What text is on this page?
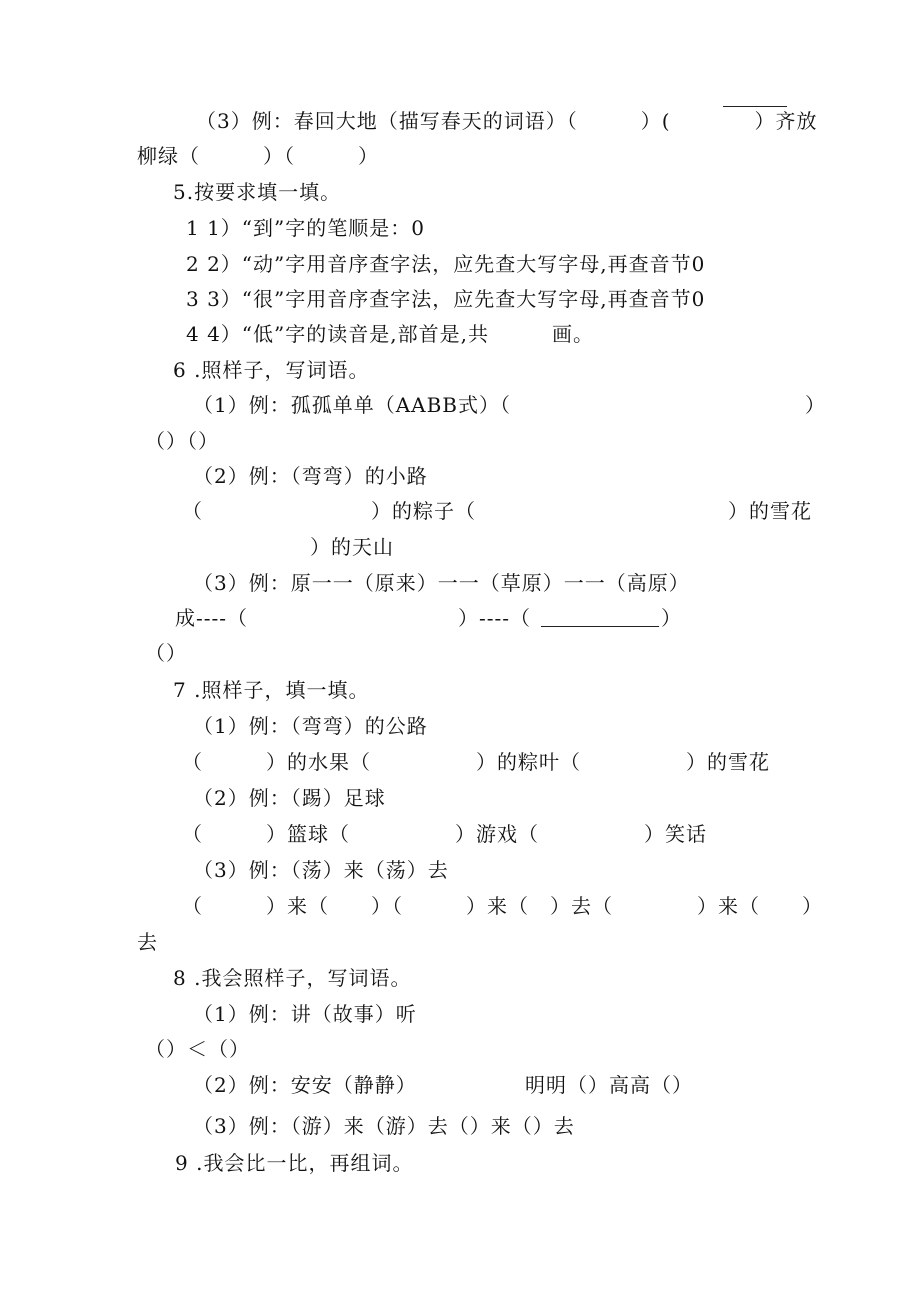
（3）例：春回大地（描写春天的词语）（　　　）(　　　　）齐放
柳绿（　　　）（　　　）
5.按要求填一填。
1 1）“到”字的笔顺是：0
2 2）“动”字用音序查字法，应先查大写字母,再查音节0
3 3）“很”字用音序查字法，应先查大写字母,再查音节0
4 4）“低”字的读音是,部首是,共　　　画。
6 .照样子，写词语。
（1）例：孤孤单单（AABB式）（　　　　　　　　　　　　　　）
（）（）
（2）例：（弯弯）的小路
（　　　　　　　　）的粽子（　　　　　　　　　　　　）的雪花
）的天山
（3）例：原一一（原来）一一（草原）一一（高原）
成----（　　　　　　　　　　）----（	）
（）
7 .照样子，填一填。
（1）例：（弯弯）的公路
（　　　）的水果（　　　　　）的粽叶（　　　　　）的雪花
（2）例：（踢）足球
（　　　）篮球（　　　　　）游戏（　　　　　）笑话
（3）例：（荡）来（荡）去
（　　　）来（　　）（　　　）来（　）去（　　　　）来（　　）
去
8 .我会照样子，写词语。
（1）例：讲（故事）听
（）＜（）
（2）例：安安（静静）	明明（）高高（）
（3）例：（游）来（游）去（）来（）去
9 .我会比一比，再组词。
